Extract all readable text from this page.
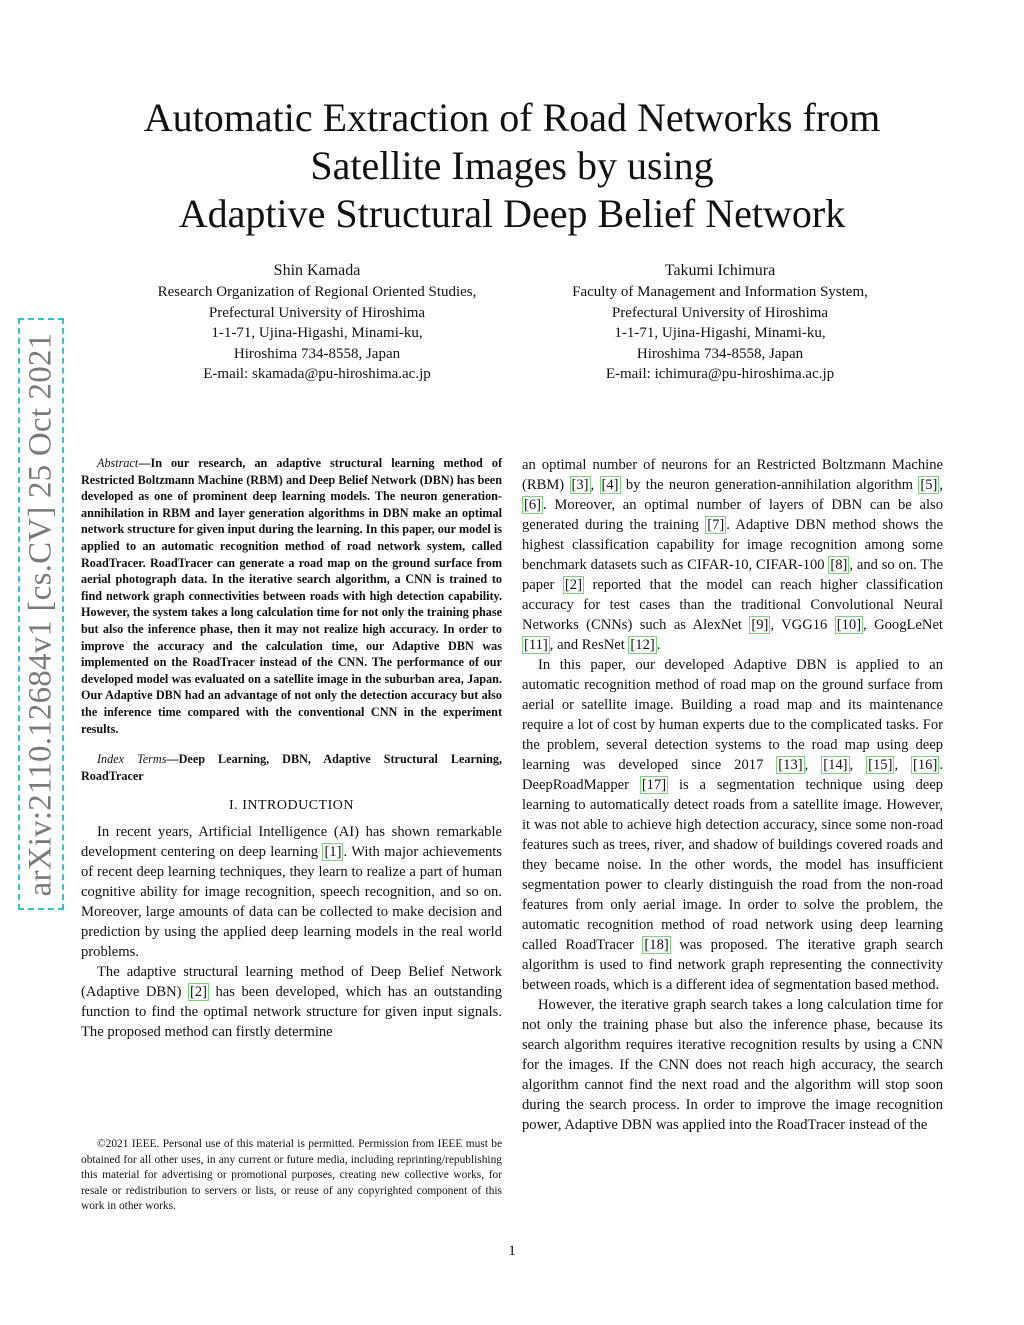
arXiv:2110.12684v1 [cs.CV] 25 Oct 2021
Automatic Extraction of Road Networks from
Satellite Images by using
Adaptive Structural Deep Belief Network
Shin Kamada
Research Organization of Regional Oriented Studies,
Prefectural University of Hiroshima
1-1-71, Ujina-Higashi, Minami-ku,
Hiroshima 734-8558, Japan
E-mail: skamada@pu-hiroshima.ac.jp
Takumi Ichimura
Faculty of Management and Information System,
Prefectural University of Hiroshima
1-1-71, Ujina-Higashi, Minami-ku,
Hiroshima 734-8558, Japan
E-mail: ichimura@pu-hiroshima.ac.jp

Abstract—In our research, an adaptive structural learning method of Restricted Boltzmann Machine (RBM) and Deep Belief Network (DBN) has been developed as one of prominent deep learning models. The neuron generation-annihilation in RBM and layer generation algorithms in DBN make an optimal network structure for given input during the learning. In this paper, our model is applied to an automatic recognition method of road network system, called RoadTracer. RoadTracer can generate a road map on the ground surface from aerial photograph data. In the iterative search algorithm, a CNN is trained to find network graph connectivities between roads with high detection capability. However, the system takes a long calculation time for not only the training phase but also the inference phase, then it may not realize high accuracy. In order to improve the accuracy and the calculation time, our Adaptive DBN was implemented on the RoadTracer instead of the CNN. The performance of our developed model was evaluated on a satellite image in the suburban area, Japan. Our Adaptive DBN had an advantage of not only the detection accuracy but also the inference time compared with the conventional CNN in the experiment results.

Index Terms—Deep Learning, DBN, Adaptive Structural Learning, RoadTracer

I. INTRODUCTION

In recent years, Artificial Intelligence (AI) has shown remarkable development centering on deep learning [1] . With major achievements of recent deep learning techniques, they learn to realize a part of human cognitive ability for image recognition, speech recognition, and so on. Moreover, large amounts of data can be collected to make decision and prediction by using the applied deep learning models in the real world problems.

The adaptive structural learning method of Deep Belief Network (Adaptive DBN) [2] has been developed, which has an outstanding function to find the optimal network structure for given input signals. The proposed method can firstly determine

©2021 IEEE. Personal use of this material is permitted. Permission from IEEE must be obtained for all other uses, in any current or future media, including reprinting/republishing this material for advertising or promotional purposes, creating new collective works, for resale or redistribution to servers or lists, or reuse of any copyrighted component of this work in other works.

an optimal number of neurons for an Restricted Boltzmann Machine (RBM) [3] , [4] by the neuron generation-annihilation algorithm [5] , [6] . Moreover, an optimal number of layers of DBN can be also generated during the training [7] . Adaptive DBN method shows the highest classification capability for image recognition among some benchmark datasets such as CIFAR-10, CIFAR-100 [8] , and so on. The paper [2] reported that the model can reach higher classification accuracy for test cases than the traditional Convolutional Neural Networks (CNNs) such as AlexNet [9] , VGG16 [10] , GoogLeNet [11] , and ResNet [12] .

In this paper, our developed Adaptive DBN is applied to an automatic recognition method of road map on the ground surface from aerial or satellite image. Building a road map and its maintenance require a lot of cost by human experts due to the complicated tasks. For the problem, several detection systems to the road map using deep learning was developed since 2017 [13] , [14] , [15] , [16] . DeepRoadMapper [17] is a segmentation technique using deep learning to automatically detect roads from a satellite image. However, it was not able to achieve high detection accuracy, since some non-road features such as trees, river, and shadow of buildings covered roads and they became noise. In the other words, the model has insufficient segmentation power to clearly distinguish the road from the non-road features from only aerial image. In order to solve the problem, the automatic recognition method of road network using deep learning called RoadTracer [18] was proposed. The iterative graph search algorithm is used to find network graph representing the connectivity between roads, which is a different idea of segmentation based method.

However, the iterative graph search takes a long calculation time for not only the training phase but also the inference phase, because its search algorithm requires iterative recognition results by using a CNN for the images. If the CNN does not reach high accuracy, the search algorithm cannot find the next road and the algorithm will stop soon during the search process. In order to improve the image recognition power, Adaptive DBN was applied into the RoadTracer instead of the

1
